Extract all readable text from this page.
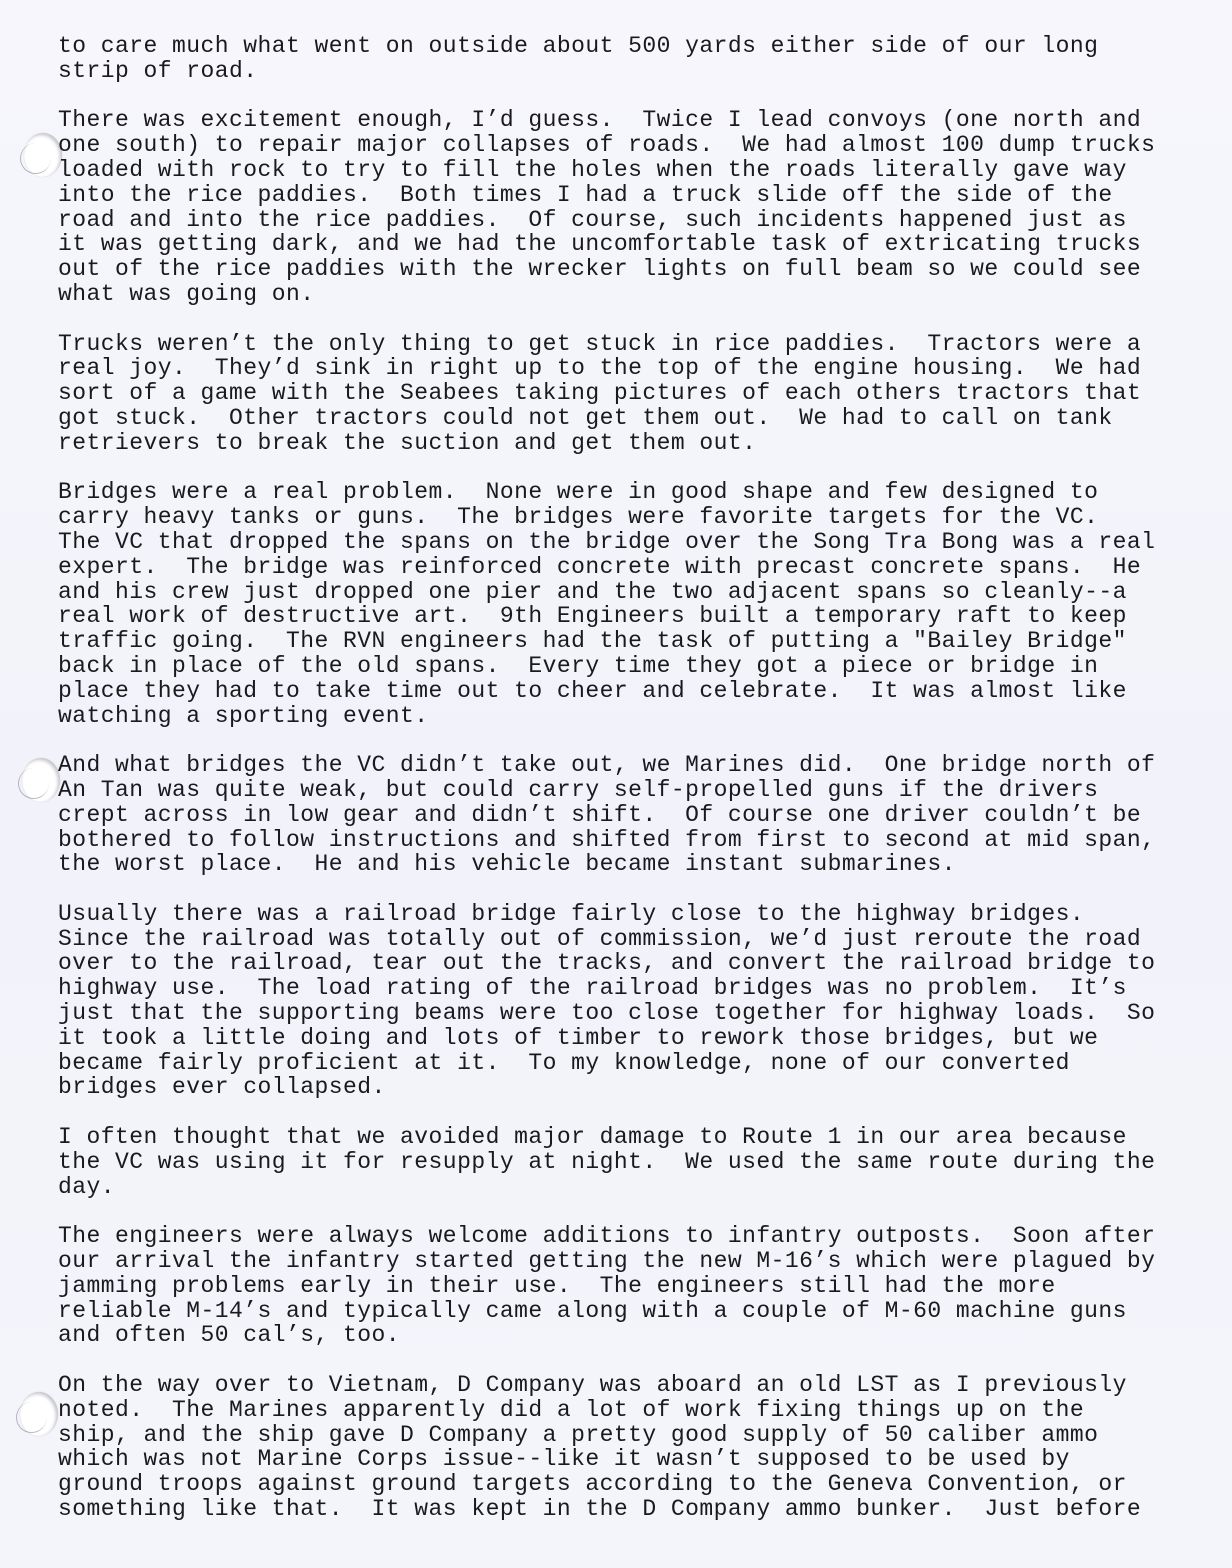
to care much what went on outside about 500 yards either side of our long
strip of road.
There was excitement enough, I’d guess.  Twice I lead convoys (one north and
one south) to repair major collapses of roads.  We had almost 100 dump trucks
loaded with rock to try to fill the holes when the roads literally gave way
into the rice paddies.  Both times I had a truck slide off the side of the
road and into the rice paddies.  Of course, such incidents happened just as
it was getting dark, and we had the uncomfortable task of extricating trucks
out of the rice paddies with the wrecker lights on full beam so we could see
what was going on.
Trucks weren’t the only thing to get stuck in rice paddies.  Tractors were a
real joy.  They’d sink in right up to the top of the engine housing.  We had
sort of a game with the Seabees taking pictures of each others tractors that
got stuck.  Other tractors could not get them out.  We had to call on tank
retrievers to break the suction and get them out.
Bridges were a real problem.  None were in good shape and few designed to
carry heavy tanks or guns.  The bridges were favorite targets for the VC.
The VC that dropped the spans on the bridge over the Song Tra Bong was a real
expert.  The bridge was reinforced concrete with precast concrete spans.  He
and his crew just dropped one pier and the two adjacent spans so cleanly--a
real work of destructive art.  9th Engineers built a temporary raft to keep
traffic going.  The RVN engineers had the task of putting a "Bailey Bridge"
back in place of the old spans.  Every time they got a piece or bridge in
place they had to take time out to cheer and celebrate.  It was almost like
watching a sporting event.
And what bridges the VC didn’t take out, we Marines did.  One bridge north of
An Tan was quite weak, but could carry self-propelled guns if the drivers
crept across in low gear and didn’t shift.  Of course one driver couldn’t be
bothered to follow instructions and shifted from first to second at mid span,
the worst place.  He and his vehicle became instant submarines.
Usually there was a railroad bridge fairly close to the highway bridges.
Since the railroad was totally out of commission, we’d just reroute the road
over to the railroad, tear out the tracks, and convert the railroad bridge to
highway use.  The load rating of the railroad bridges was no problem.  It’s
just that the supporting beams were too close together for highway loads.  So
it took a little doing and lots of timber to rework those bridges, but we
became fairly proficient at it.  To my knowledge, none of our converted
bridges ever collapsed.
I often thought that we avoided major damage to Route 1 in our area because
the VC was using it for resupply at night.  We used the same route during the
day.
The engineers were always welcome additions to infantry outposts.  Soon after
our arrival the infantry started getting the new M-16’s which were plagued by
jamming problems early in their use.  The engineers still had the more
reliable M-14’s and typically came along with a couple of M-60 machine guns
and often 50 cal’s, too.
On the way over to Vietnam, D Company was aboard an old LST as I previously
noted.  The Marines apparently did a lot of work fixing things up on the
ship, and the ship gave D Company a pretty good supply of 50 caliber ammo
which was not Marine Corps issue--like it wasn’t supposed to be used by
ground troops against ground targets according to the Geneva Convention, or
something like that.  It was kept in the D Company ammo bunker.  Just before
